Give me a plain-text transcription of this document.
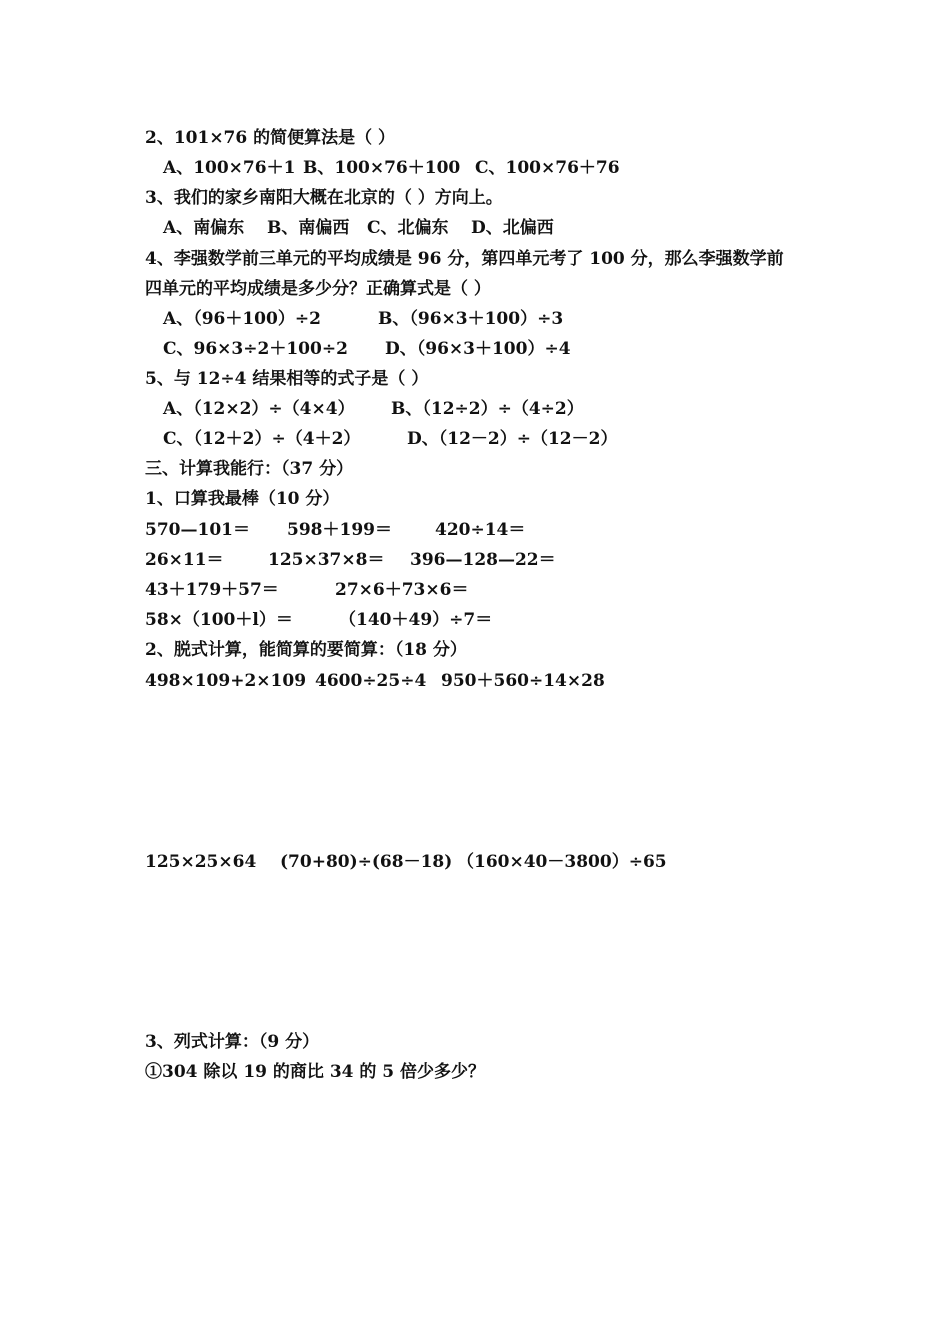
2、101×76 的简便算法是（ ）
A、100×76＋1 B、100×76＋100 C、100×76＋76
3、我们的家乡南阳大概在北京的（ ）方向上。
A、南偏东 B、南偏西 C、北偏东 D、北偏西
4、李强数学前三单元的平均成绩是 96 分，第四单元考了 100 分，那么李强数学前
四单元的平均成绩是多少分？正确算式是（ ）
A、（96＋100）÷2	B、（96×3＋100）÷3
C、96×3÷2＋100÷2 D、（96×3＋100）÷4
5、与 12÷4 结果相等的式子是（ ）
A、（12×2）÷（4×4） B、（12÷2）÷（4÷2）
C、（12＋2）÷（4＋2）	D、（12－2）÷（12－2）
三、计算我能行：（37 分）
1、口算我最棒（10 分）
570—101＝ 598＋199＝	420÷14＝
26×11＝	125×37×8＝ 396—128—22＝
43＋179＋57＝	27×6＋73×6＝
58×（100＋l）＝	（140＋49）÷7＝
2、脱式计算，能简算的要简算：（18 分）
498×109+2×109 4600÷25÷4 950＋560÷14×28
125×25×64 (70+80)÷(68－18) （160×40－3800）÷65
3、列式计算：（9 分）
①304 除以 19 的商比 34 的 5 倍少多少？
